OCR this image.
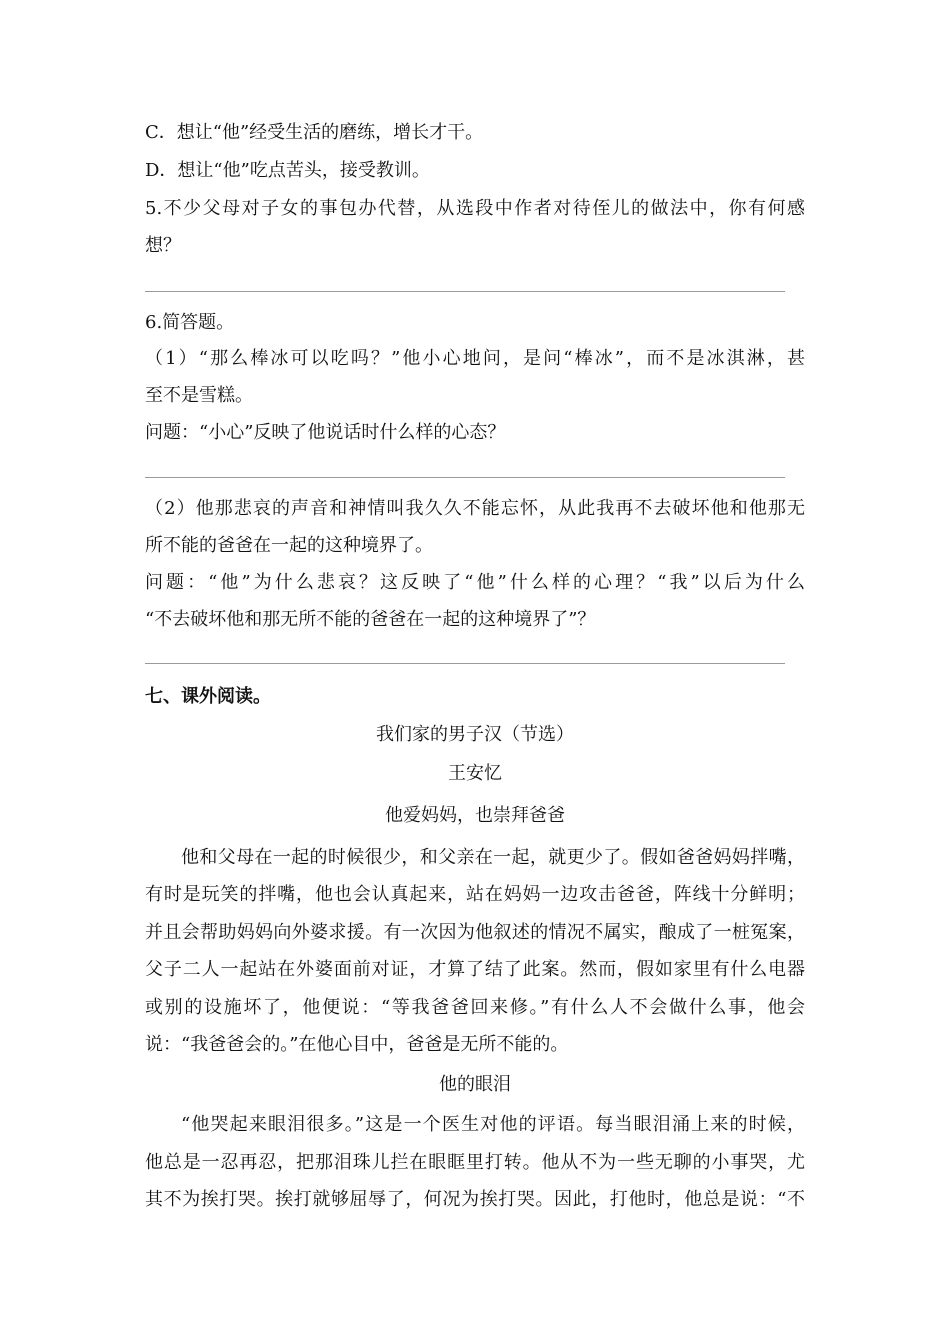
C．想让“他”经受生活的磨练，增长才干。
D．想让“他”吃点苦头，接受教训。
5.不少父母对子女的事包办代替，从选段中作者对待侄儿的做法中，你有何感
想？
6.简答题。
（1）“那么棒冰可以吃吗？”他小心地问，是问“棒冰”，而不是冰淇淋，甚
至不是雪糕。
问题：“小心”反映了他说话时什么样的心态？
（2）他那悲哀的声音和神情叫我久久不能忘怀，从此我再不去破坏他和他那无
所不能的爸爸在一起的这种境界了。
问题：“他”为什么悲哀？这反映了“他”什么样的心理？“我”以后为什么
“不去破坏他和那无所不能的爸爸在一起的这种境界了”？
七、课外阅读。
我们家的男子汉（节选）
王安忆
他爱妈妈，也崇拜爸爸
他和父母在一起的时候很少，和父亲在一起，就更少了。假如爸爸妈妈拌嘴，
有时是玩笑的拌嘴，他也会认真起来，站在妈妈一边攻击爸爸，阵线十分鲜明；
并且会帮助妈妈向外婆求援。有一次因为他叙述的情况不属实，酿成了一桩冤案，
父子二人一起站在外婆面前对证，才算了结了此案。然而，假如家里有什么电器
或别的设施坏了，他便说：“等我爸爸回来修。”有什么人不会做什么事，他会
说：“我爸爸会的。”在他心目中，爸爸是无所不能的。
他的眼泪
“他哭起来眼泪很多。”这是一个医生对他的评语。每当眼泪涌上来的时候，
他总是一忍再忍，把那泪珠儿拦在眼眶里打转。他从不为一些无聊的小事哭，尤
其不为挨打哭。挨打就够屈辱了，何况为挨打哭。因此，打他时，他总是说：“不
